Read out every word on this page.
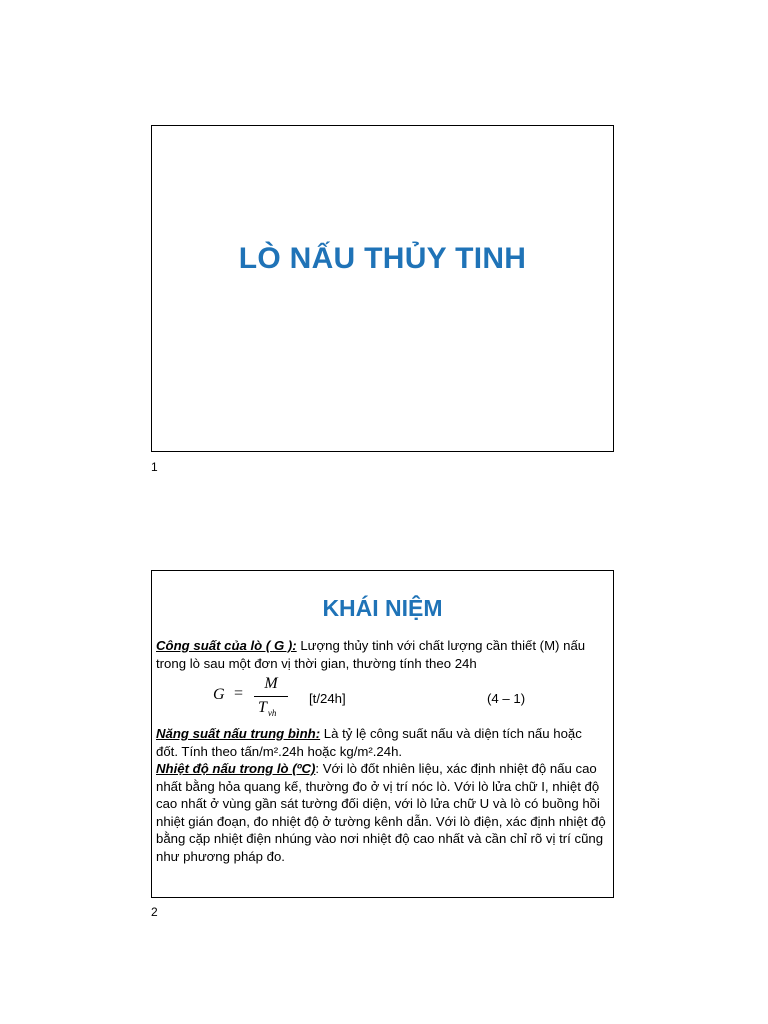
LÒ NẤU THỦY TINH
1
KHÁI NIỆM
Công suất của lò ( G ): Lượng thủy tinh với chất lượng cần thiết (M) nấu trong lò sau một đơn vị thời gian, thường tính theo 24h
G =
M
$T_{vh}$
[t/24h]	(4 – 1)
Năng suất nấu trung bình: Là tỷ lệ công suất nấu và diện tích nấu hoặc đốt. Tính theo tấn/m².24h hoặc kg/m².24h.
Nhiệt độ nấu trong lò (ºC): Với lò đốt nhiên liệu, xác định nhiệt độ nấu cao nhất bằng hỏa quang kế, thường đo ở vị trí nóc lò. Với lò lửa chữ I, nhiệt độ cao nhất ở vùng gần sát tường đối diện, với lò lửa chữ U và lò có buồng hồi nhiệt gián đoạn, đo nhiệt độ ở tường kênh dẫn. Với lò điện, xác định nhiệt độ bằng cặp nhiệt điện nhúng vào nơi nhiệt độ cao nhất và cần chỉ rõ vị trí cũng như phương pháp đo.
2
